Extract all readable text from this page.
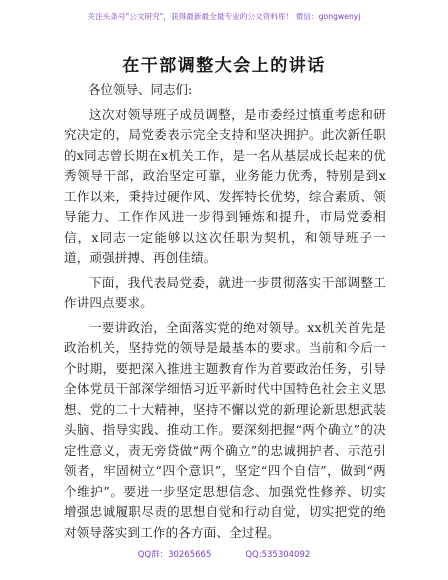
关注头条号"公文研究"，获得最新最全最专业的公文资料库！ 微信：gongwenyj
在干部调整大会上的讲话

各位领导、同志们:

这次对领导班子成员调整，是市委经过慎重考虑和研究决定的，局党委表示完全支持和坚决拥护。此次新任职的x同志曾长期在x机关工作，是一名从基层成长起来的优秀领导干部，政治坚定可靠，业务能力优秀，特别是到x工作以来，秉持过硬作风、发挥特长优势，综合素质、领导能力、工作作风进一步得到锤炼和提升，市局党委相信，x同志一定能够以这次任职为契机，和领导班子一道，顽强拼搏、再创佳绩。

下面，我代表局党委，就进一步贯彻落实干部调整工作讲四点要求。

一要讲政治，全面落实党的绝对领导。xx机关首先是政治机关，坚持党的领导是最基本的要求。当前和今后一个时期，要把深入推进主题教育作为首要政治任务，引导全体党员干部深学细悟习近平新时代中国特色社会主义思想、党的二十大精神，坚持不懈以党的新理论新思想武装头脑、指导实践、推动工作。要深刻把握“两个确立”的决定性意义，责无旁贷做“两个确立”的忠诚拥护者、示范引领者，牢固树立“四个意识”，坚定“四个自信”，做到“两个维护”。要进一步坚定思想信念、加强党性修养、切实增强忠诚履职尽责的思想自觉和行动自觉，切实把党的绝对领导落实到工作的各方面、全过程。

QQ群：30265665	QQ:535304092
